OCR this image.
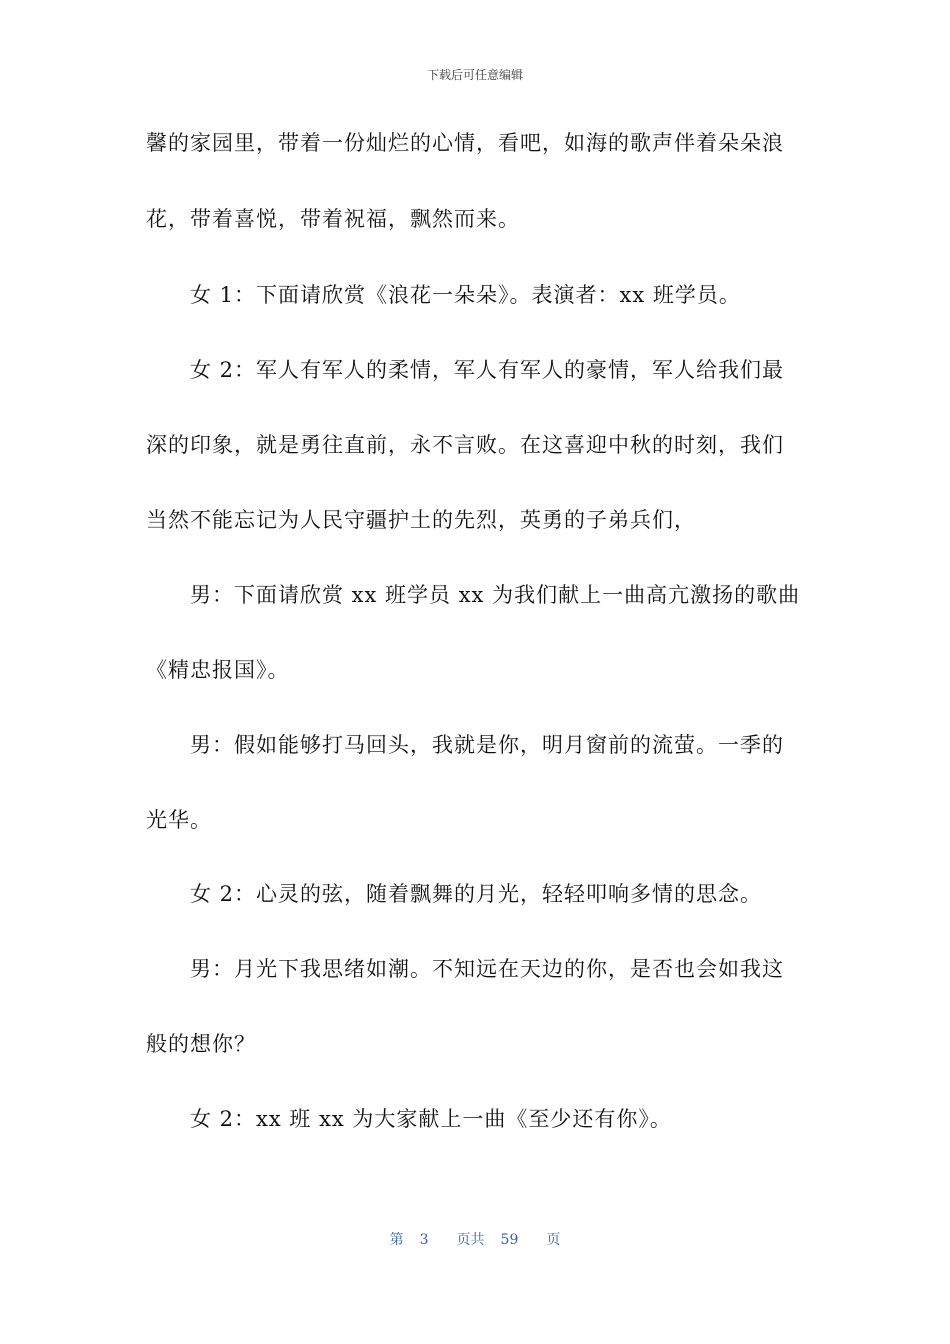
下载后可任意编辑
馨的家园里，带着一份灿烂的心情，看吧，如海的歌声伴着朵朵浪
花，带着喜悦，带着祝福，飘然而来。
女 1：下面请欣赏《浪花一朵朵》。表演者：xx 班学员。
女 2：军人有军人的柔情，军人有军人的豪情，军人给我们最
深的印象，就是勇往直前，永不言败。在这喜迎中秋的时刻，我们
当然不能忘记为人民守疆护土的先烈，英勇的子弟兵们，
男：下面请欣赏 xx 班学员 xx 为我们献上一曲高亢激扬的歌曲
《精忠报国》。
男：假如能够打马回头，我就是你，明月窗前的流萤。一季的
光华。
女 2：心灵的弦，随着飘舞的月光，轻轻叩响多情的思念。
男：月光下我思绪如潮。不知远在天边的你，是否也会如我这
般的想你？
女 2：xx 班 xx 为大家献上一曲《至少还有你》。
第 3 页共 59 页
